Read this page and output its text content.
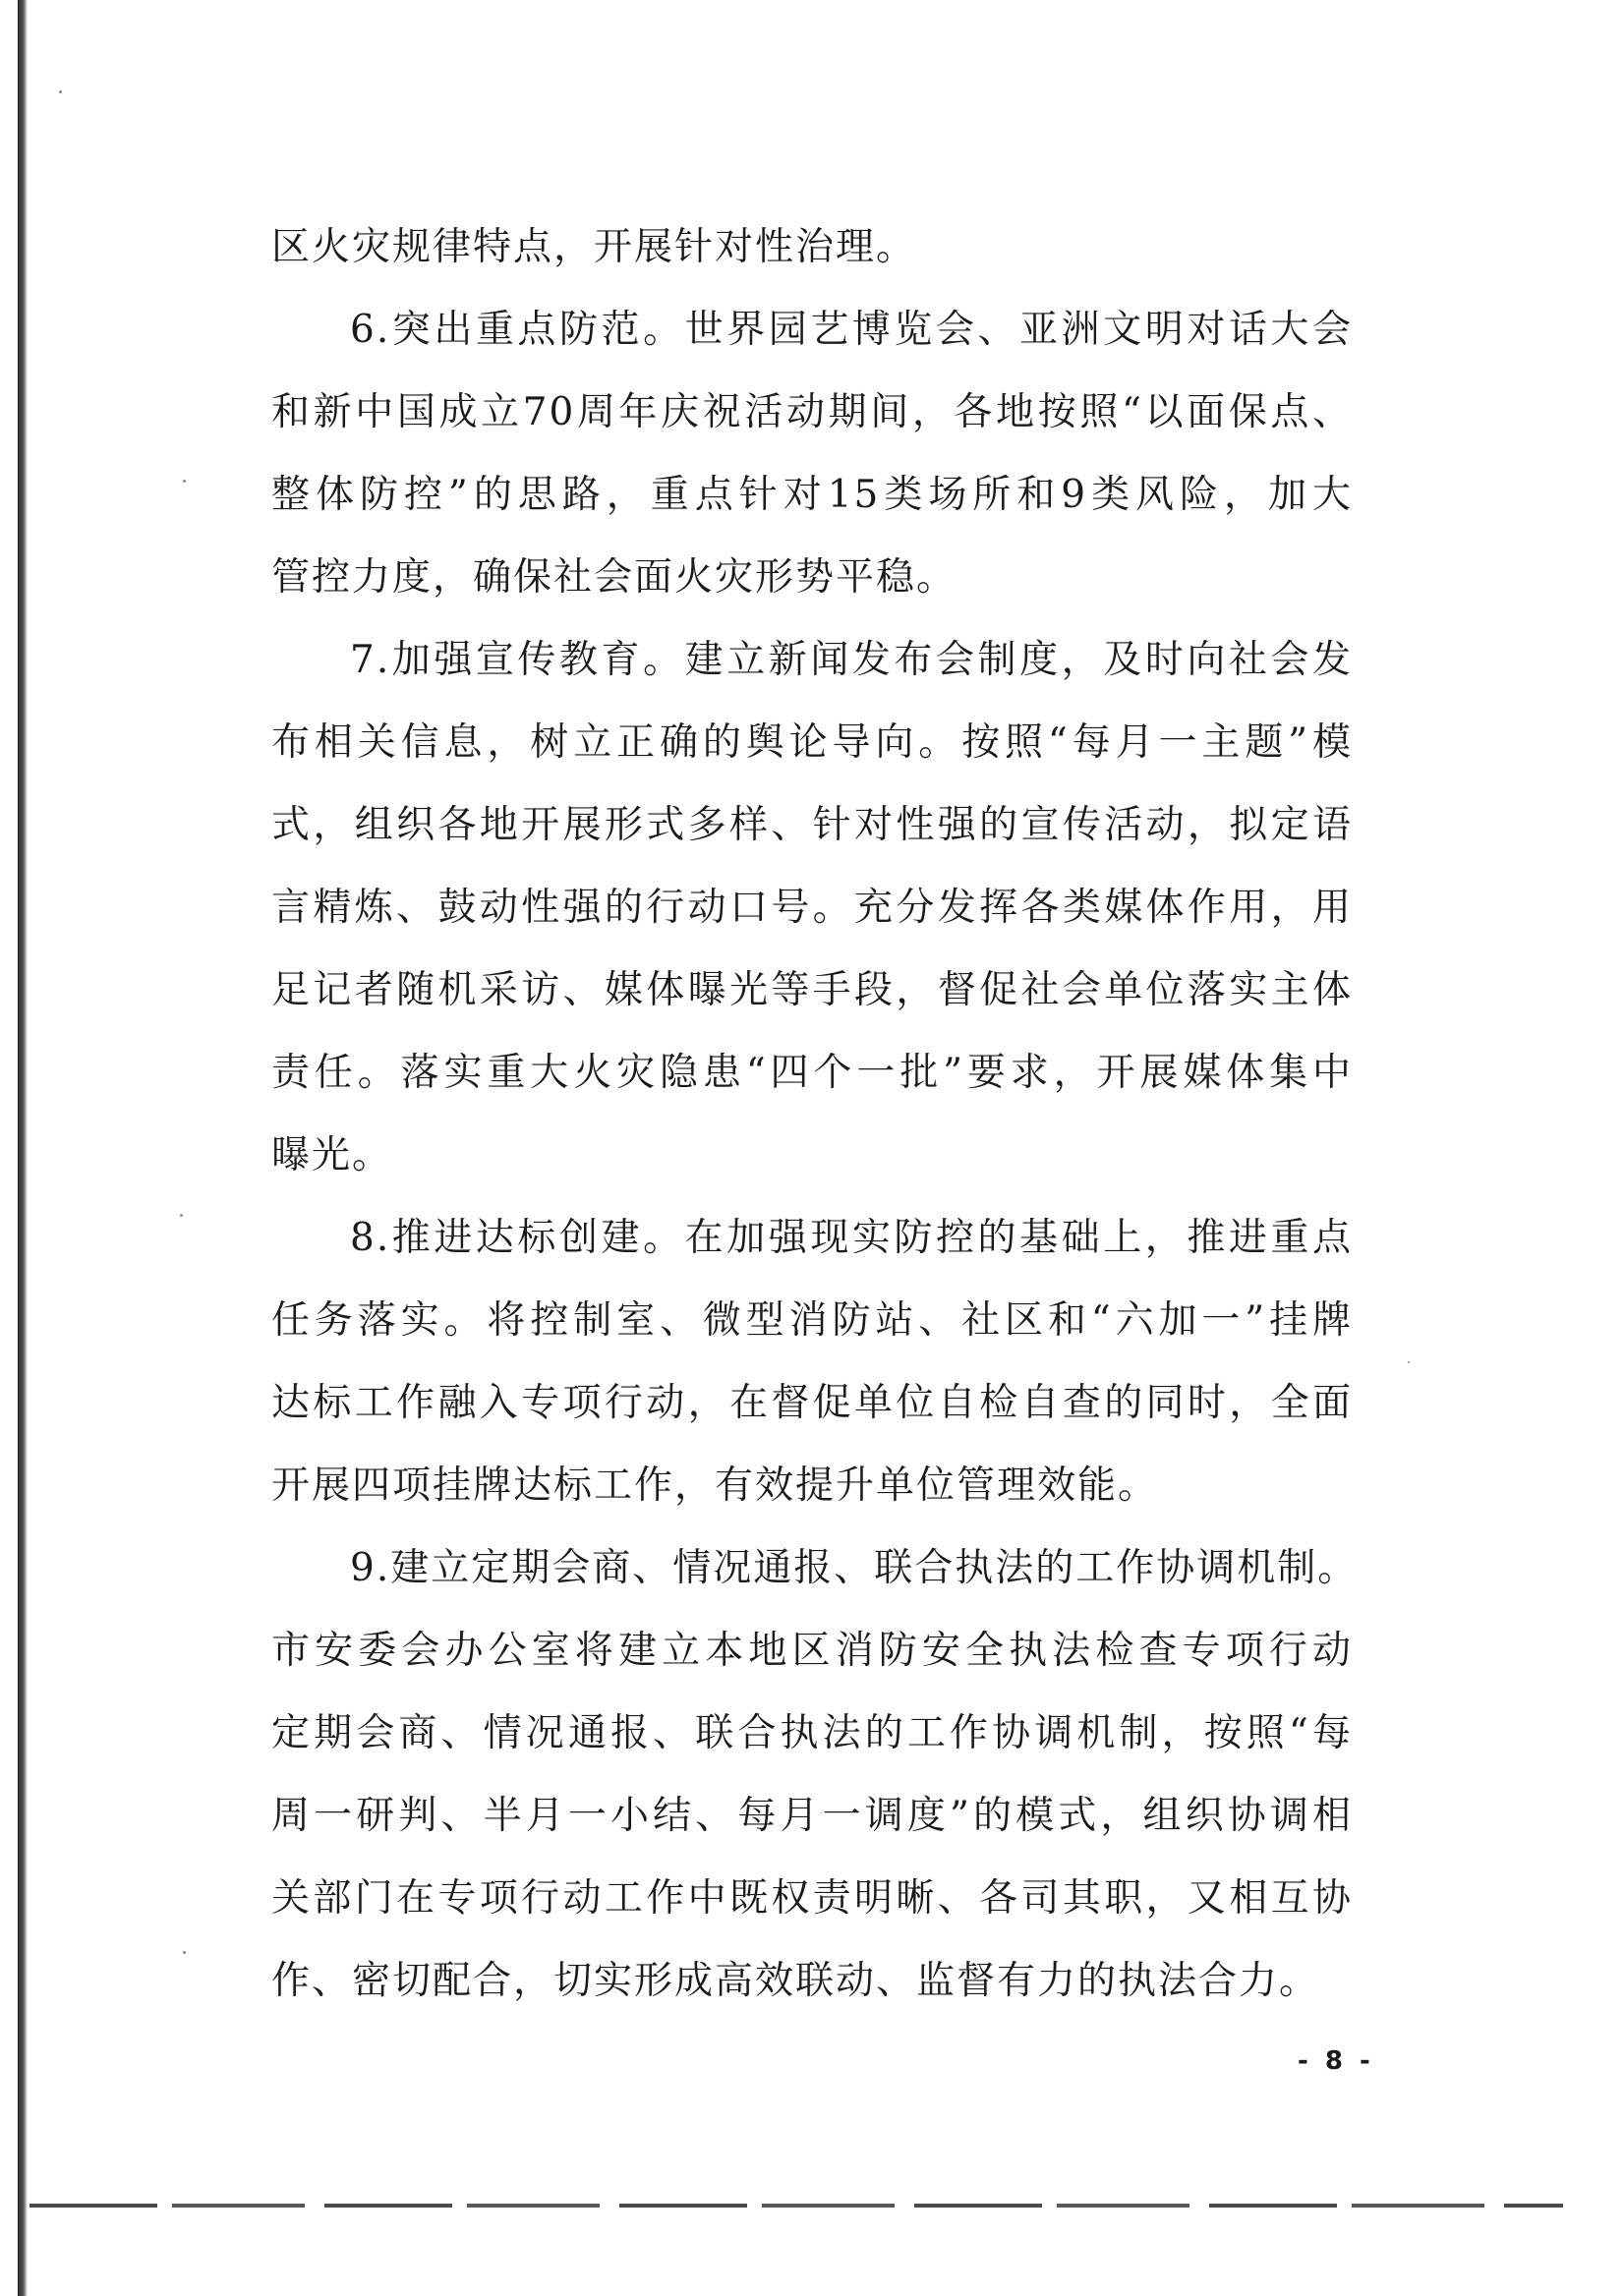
区火灾规律特点，开展针对性治理。
6.突出重点防范。世界园艺博览会、亚洲文明对话大会
和新中国成立70周年庆祝活动期间，各地按照“以面保点、
整体防控”的思路，重点针对15类场所和9类风险，加大
管控力度，确保社会面火灾形势平稳。
7.加强宣传教育。建立新闻发布会制度，及时向社会发
布相关信息，树立正确的舆论导向。按照“每月一主题”模
式，组织各地开展形式多样、针对性强的宣传活动，拟定语
言精炼、鼓动性强的行动口号。充分发挥各类媒体作用，用
足记者随机采访、媒体曝光等手段，督促社会单位落实主体
责任。落实重大火灾隐患“四个一批”要求，开展媒体集中
曝光。
8.推进达标创建。在加强现实防控的基础上，推进重点
任务落实。将控制室、微型消防站、社区和“六加一”挂牌
达标工作融入专项行动，在督促单位自检自查的同时，全面
开展四项挂牌达标工作，有效提升单位管理效能。
9.建立定期会商、情况通报、联合执法的工作协调机制。
市安委会办公室将建立本地区消防安全执法检查专项行动
定期会商、情况通报、联合执法的工作协调机制，按照“每
周一研判、半月一小结、每月一调度”的模式，组织协调相
关部门在专项行动工作中既权责明晰、各司其职，又相互协
作、密切配合，切实形成高效联动、监督有力的执法合力。
- 8 -
